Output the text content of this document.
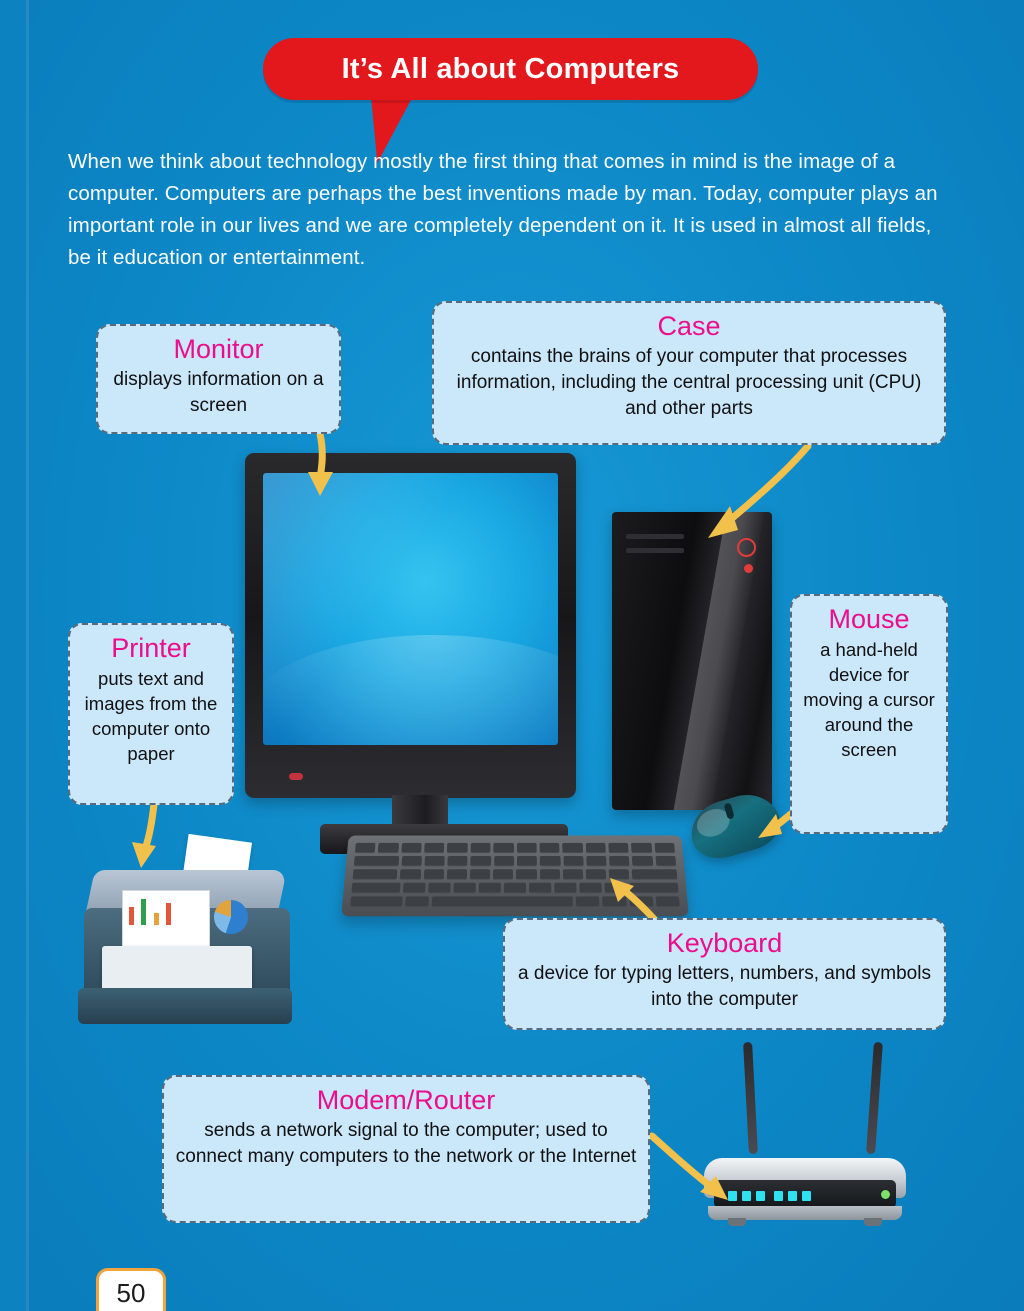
It’s All about Computers
When we think about technology mostly the first thing that comes in mind is the image of a computer. Computers are perhaps the best inventions made by man. Today, computer plays an important role in our lives and we are completely dependent on it. It is used in almost all fields, be it education or entertainment.

Monitor
displays information on a screen
Case
contains the brains of your computer that processes information, including the central processing unit (CPU) and other parts
Printer
puts text and images from the computer onto paper
Mouse
a hand-held device for moving a cursor around the screen
Keyboard
a device for typing letters, numbers, and symbols into the computer
Modem/Router
sends a network signal to the computer; used to connect many computers to the network or the Internet
50
